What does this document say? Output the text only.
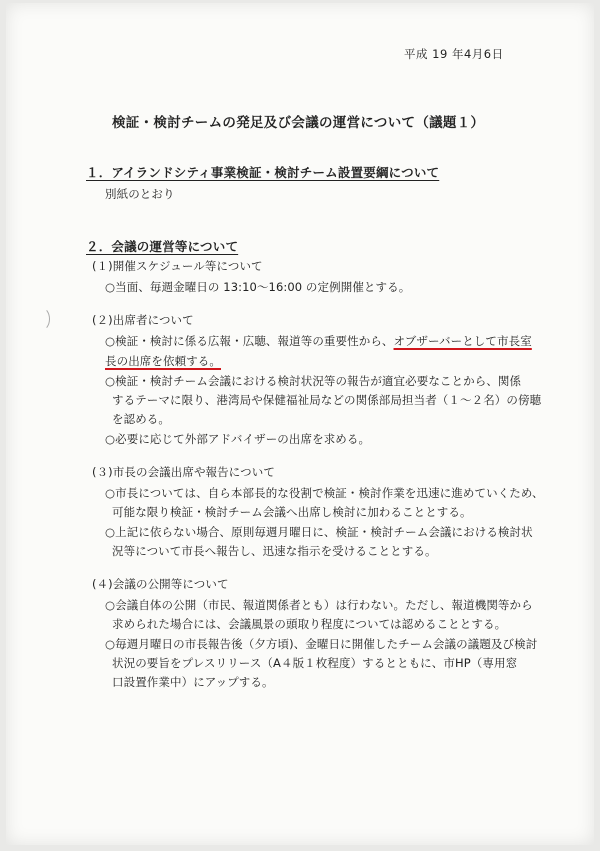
平成 19 年4月6日
検証・検討チームの発足及び会議の運営について（議題１）
１．アイランドシティ事業検証・検討チーム設置要綱について
別紙のとおり
２．会議の運営等について
(１)開催スケジュール等について
○当面、毎週金曜日の 13:10～16:00 の定例開催とする。
(２)出席者について
○検証・検討に係る広報・広聴、報道等の重要性から、オブザーバーとして市長室
長の出席を依頼する。
○検証・検討チーム会議における検討状況等の報告が適宜必要なことから、関係
するテーマに限り、港湾局や保健福祉局などの関係部局担当者（１～２名）の傍聴
を認める。
○必要に応じて外部アドバイザーの出席を求める。
(３)市長の会議出席や報告について
○市長については、自ら本部長的な役割で検証・検討作業を迅速に進めていくため、
可能な限り検証・検討チーム会議へ出席し検討に加わることとする。
○上記に依らない場合、原則毎週月曜日に、検証・検討チーム会議における検討状
況等について市長へ報告し、迅速な指示を受けることとする。
(４)会議の公開等について
○会議自体の公開（市民、報道関係者とも）は行わない。ただし、報道機関等から
求められた場合には、会議風景の頭取り程度については認めることとする。
○毎週月曜日の市長報告後（夕方頃)、金曜日に開催したチーム会議の議題及び検討
状況の要旨をプレスリリース（A４版１枚程度）するとともに、市HP（専用窓
口設置作業中）にアップする。
